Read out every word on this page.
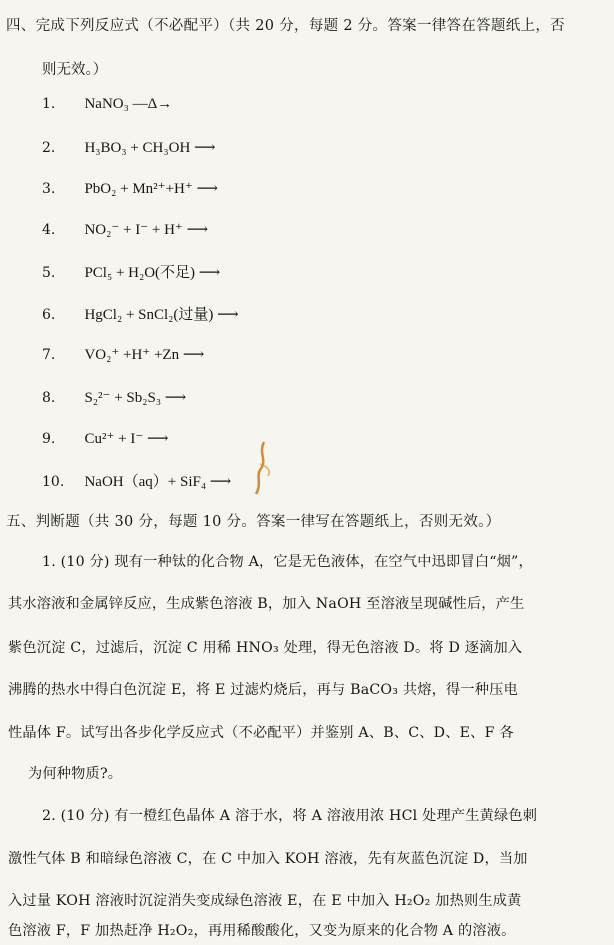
四、完成下列反应式（不必配平）（共 20 分，每题 2 分。答案一律答在答题纸上，否
则无效。）
1. NaNO₃ —Δ→
2. H₃BO₃ + CH₃OH ⟶
3. PbO₂ + Mn²⁺+H⁺ ⟶
4. NO₂⁻ + I⁻ + H⁺ ⟶
5. PCl₅ + H₂O(不足) ⟶
6. HgCl₂ + SnCl₂(过量) ⟶
7. VO₂⁺ +H⁺ +Zn ⟶
8. S₂²⁻ + Sb₂S₃ ⟶
9. Cu²⁺ + I⁻ ⟶
10. NaOH（aq）+ SiF₄ ⟶
五、判断题（共 30 分，每题 10 分。答案一律写在答题纸上，否则无效。）
1. (10 分) 现有一种钛的化合物 A，它是无色液体，在空气中迅即冒白“烟”，
其水溶液和金属锌反应，生成紫色溶液 B，加入 NaOH 至溶液呈现碱性后，产生
紫色沉淀 C，过滤后，沉淀 C 用稀 HNO₃ 处理，得无色溶液 D。将 D 逐滴加入
沸腾的热水中得白色沉淀 E，将 E 过滤灼烧后，再与 BaCO₃ 共熔，得一种压电
性晶体 F。试写出各步化学反应式（不必配平）并鉴别 A、B、C、D、E、F 各
为何种物质?。
2. (10 分) 有一橙红色晶体 A 溶于水，将 A 溶液用浓 HCl 处理产生黄绿色刺
激性气体 B 和暗绿色溶液 C，在 C 中加入 KOH 溶液，先有灰蓝色沉淀 D，当加
入过量 KOH 溶液时沉淀消失变成绿色溶液 E，在 E 中加入 H₂O₂ 加热则生成黄
色溶液 F，F 加热赶净 H₂O₂，再用稀酸酸化，又变为原来的化合物 A 的溶液。
